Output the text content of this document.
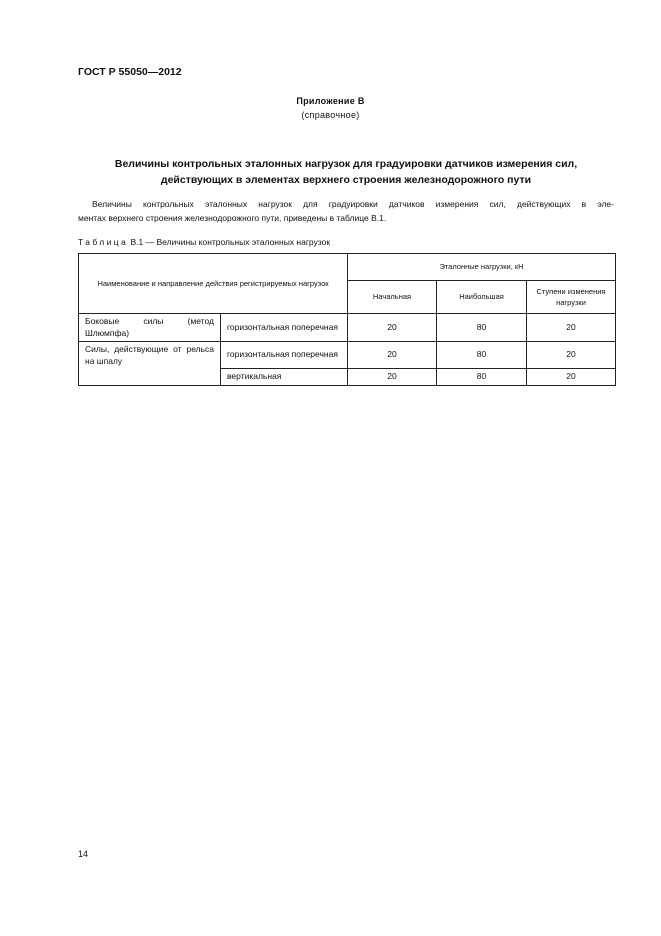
ГОСТ Р 55050—2012
Приложение В
(справочное)
Величины контрольных эталонных нагрузок для градуировки датчиков измерения сил,
действующих в элементах верхнего строения железнодорожного пути
Величины контрольных эталонных нагрузок для градуировки датчиков измерения сил, действующих в эле-
ментах верхнего строения железнодорожного пути, приведены в таблице В.1.
Таблица В.1 — Величины контрольных эталонных нагрузок
Наименование и направление действия регистрируемых нагрузок		Эталонные нагрузки, кН		
		Начальная	Наибольшая	Ступени изменения нагрузки
Боковые силы (метод Шлюмпфа)	горизонтальная поперечная	20	80	20
Силы, действующие от рельса на шпалу	горизонтальная поперечная	20	80	20
	вертикальная	20	80	20
14
